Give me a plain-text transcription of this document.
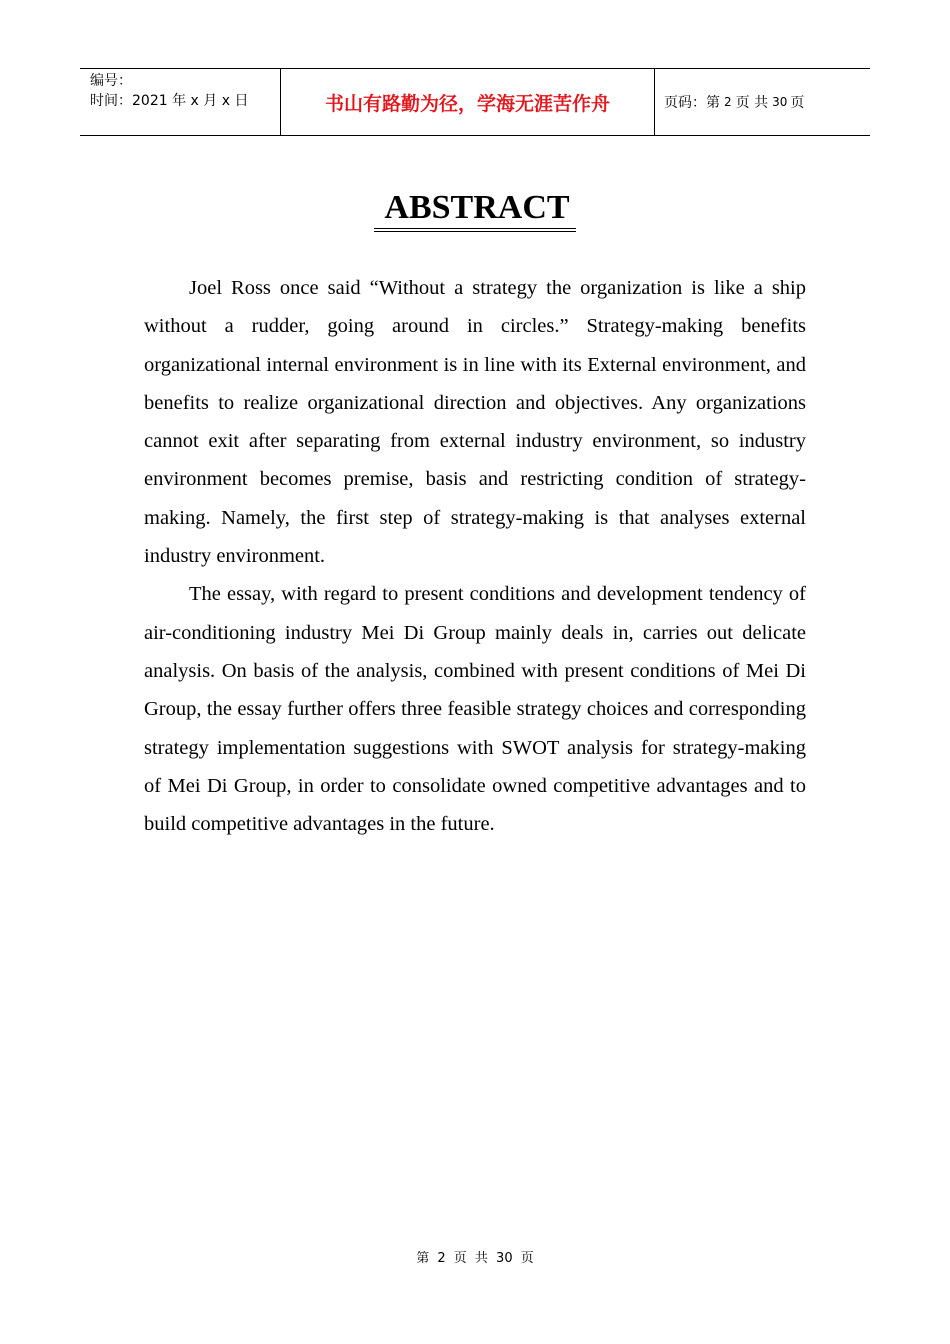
编号：
时间：2021 年 x 月 x 日	书山有路勤为径，学海无涯苦作舟	页码：第 2 页 共 30 页
ABSTRACT

Joel Ross once said “Without a strategy the organization is like a ship without a rudder, going around in circles.” Strategy-making benefits organizational internal environment is in line with its External environment, and benefits to realize organizational direction and objectives. Any organizations cannot exit after separating from external industry environment, so industry environment becomes premise, basis and restricting condition of strategy-making. Namely, the first step of strategy-making is that analyses external industry environment.

The essay, with regard to present conditions and development tendency of air-conditioning industry Mei Di Group mainly deals in, carries out delicate analysis. On basis of the analysis, combined with present conditions of Mei Di Group, the essay further offers three feasible strategy choices and corresponding strategy implementation suggestions with SWOT analysis for strategy-making of Mei Di Group, in order to consolidate owned competitive advantages and to build competitive advantages in the future.

第 2 页 共 30 页
